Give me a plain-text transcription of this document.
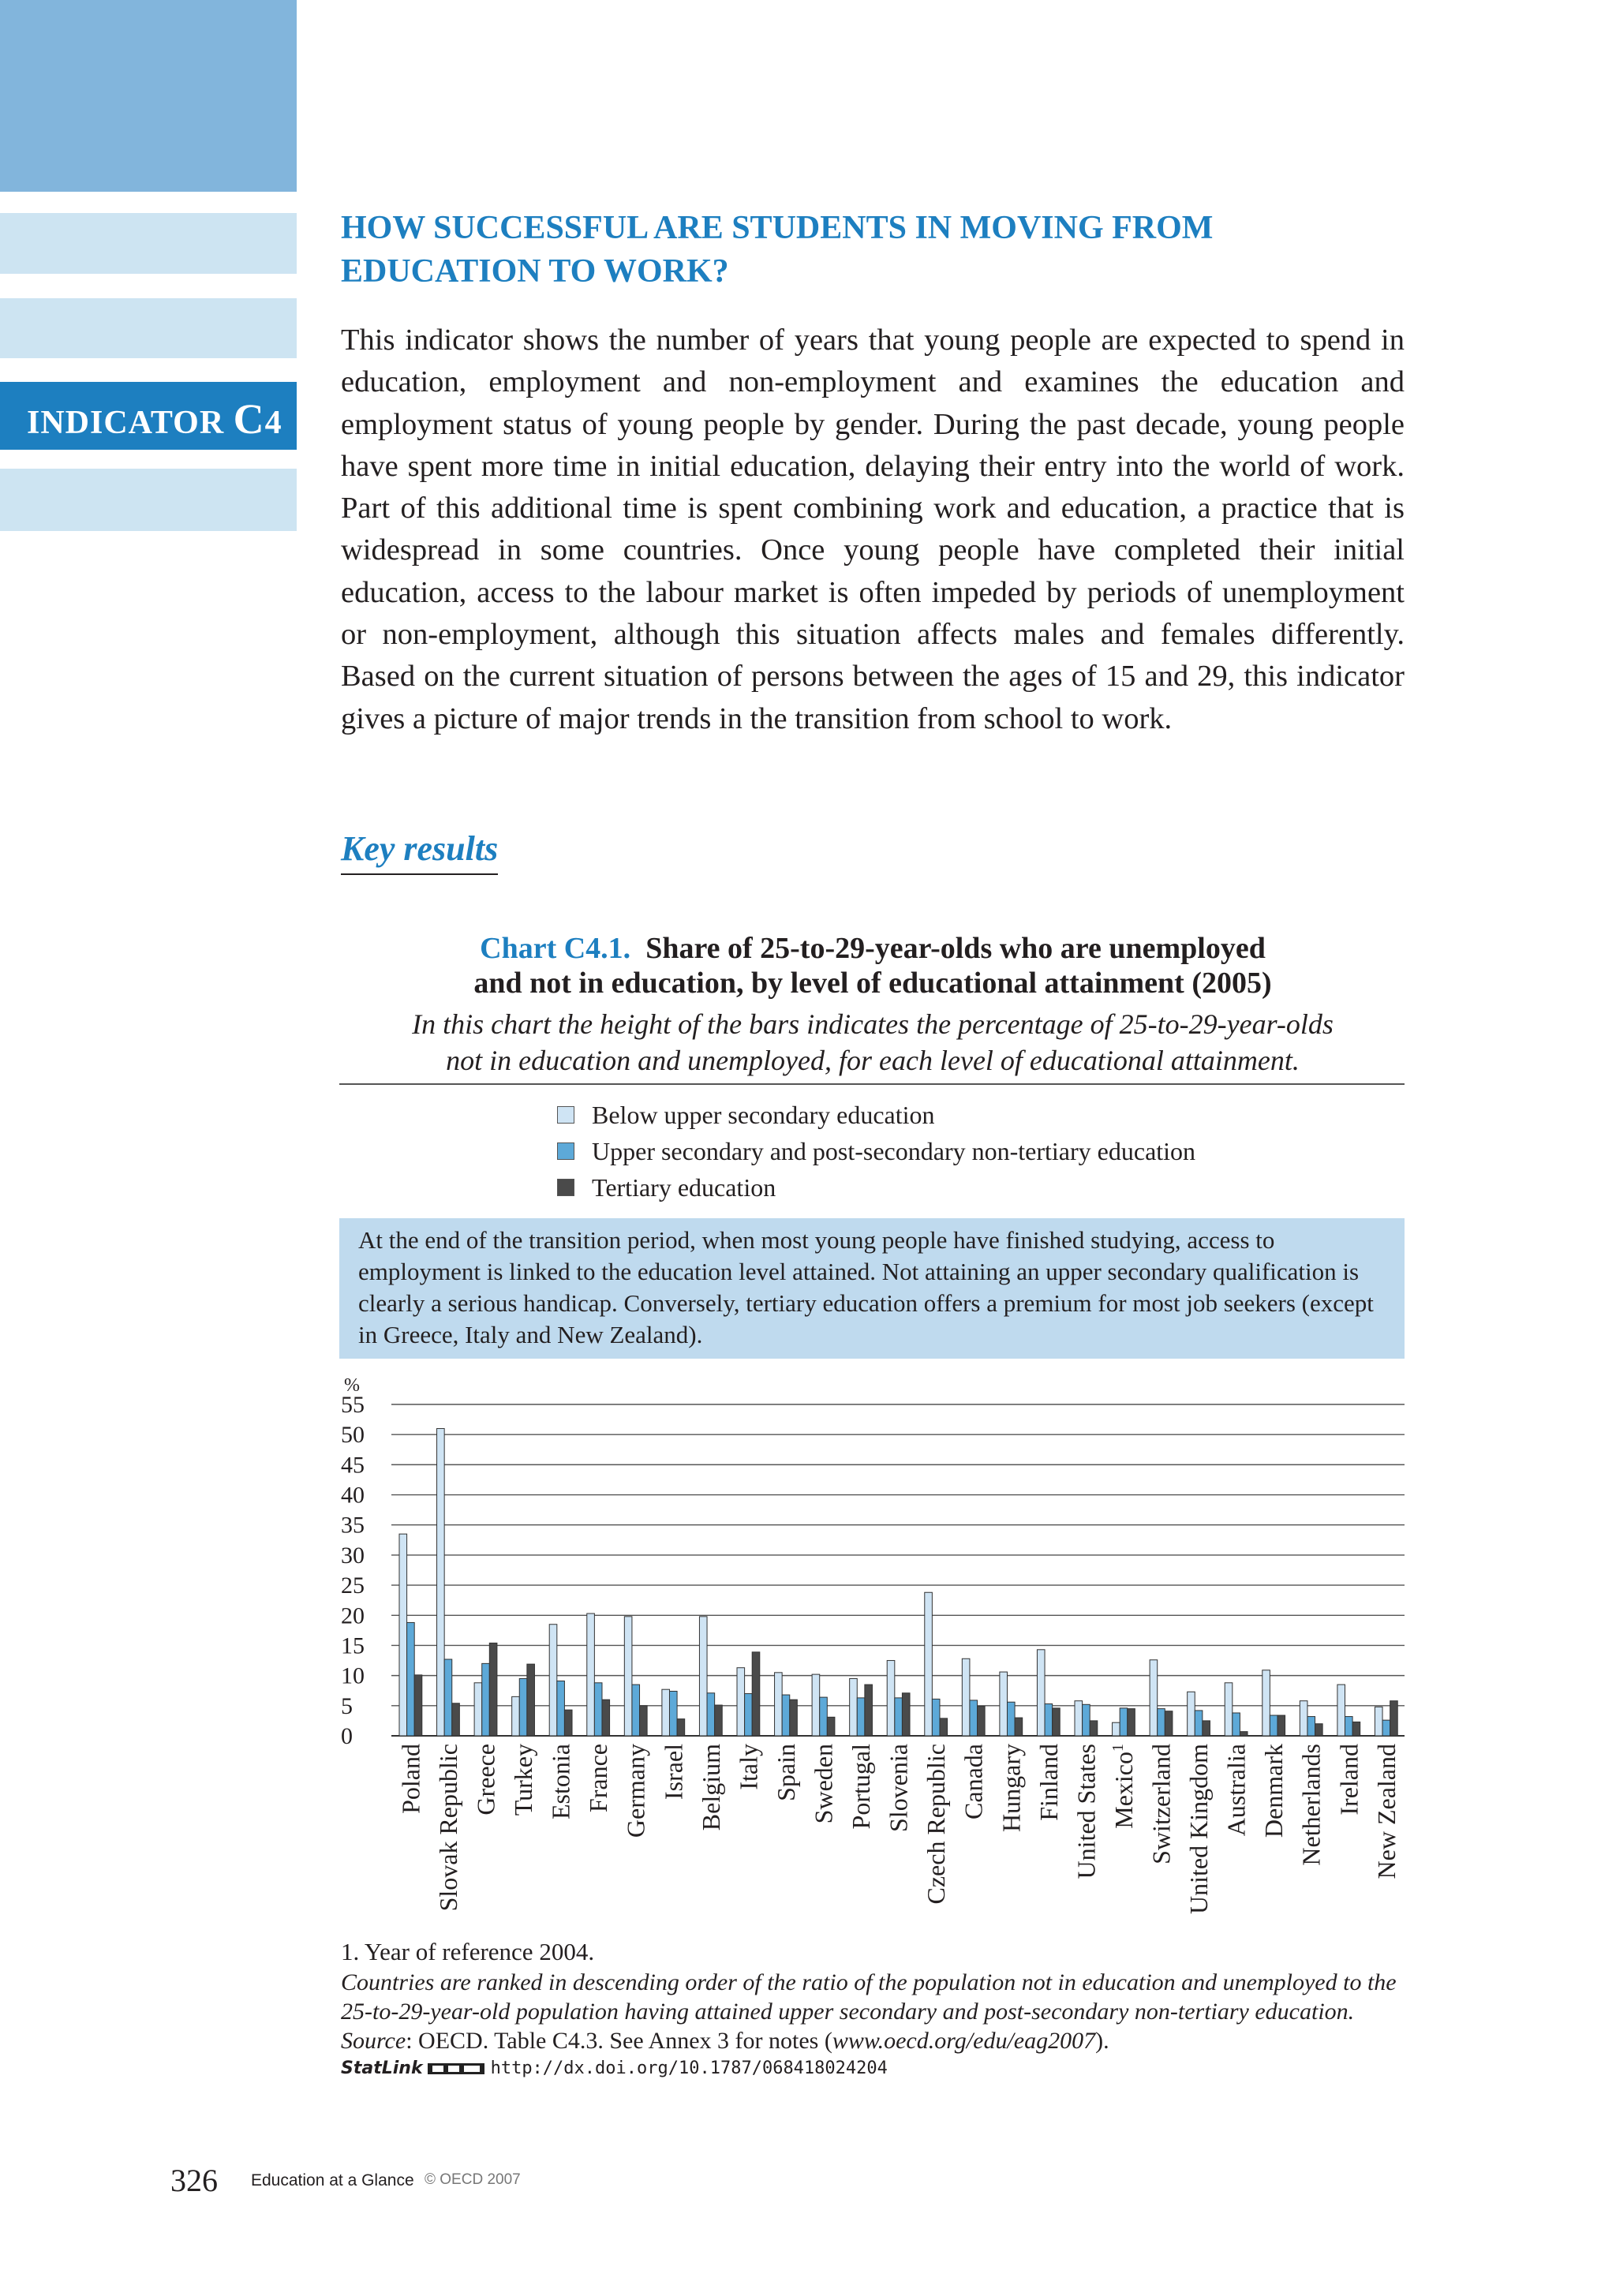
INDICATOR C4
HOW SUCCESSFUL ARE STUDENTS IN MOVING FROM
EDUCATION TO WORK?

This indicator shows the number of years that young people are expected to spend in education, employment and non-employment and examines the education and employment status of young people by gender. During the past decade, young people have spent more time in initial education, delaying their entry into the world of work. Part of this additional time is spent combining work and education, a practice that is widespread in some countries. Once young people have completed their initial education, access to the labour market is often impeded by periods of unemployment or non-employment, although this situation affects males and females differently. Based on the current situation of persons between the ages of 15 and 29, this indicator gives a picture of major trends in the transition from school to work.

Key results

Chart C4.1. Share of 25-to-29-year-olds who are unemployed
and not in education, by level of educational attainment (2005)

In this chart the height of the bars indicates the percentage of 25-to-29-year-olds
not in education and unemployed, for each level of educational attainment.

Below upper secondary education
Upper secondary and post-secondary non-tertiary education
Tertiary education

At the end of the transition period, when most young people have finished studying, access to employment is linked to the education level attained. Not attaining an upper secondary qualification is clearly a serious handicap. Conversely, tertiary education offers a premium for most job seekers (except in Greece, Italy and New Zealand).

%
0
5
10
15
20
25
30
35
40
45
50
55
Poland Slovak Republic Greece Turkey Estonia France Germany Israel Belgium Italy Spain Sweden Portugal Slovenia Czech Republic Canada Hungary Finland United States Mexico$^1$ Switzerland United Kingdom Australia Denmark Netherlands Ireland New Zealand

1. Year of reference 2004.

Countries are ranked in descending order of the ratio of the population not in education and unemployed to the 25-to-29-year-old population having attained upper secondary and post-secondary non-tertiary education.

Source: OECD. Table C4.3. See Annex 3 for notes (www.oecd.org/edu/eag2007).

StatLink	http://dx.doi.org/10.1787/068418024204

326 Education at a Glance © OECD 2007
